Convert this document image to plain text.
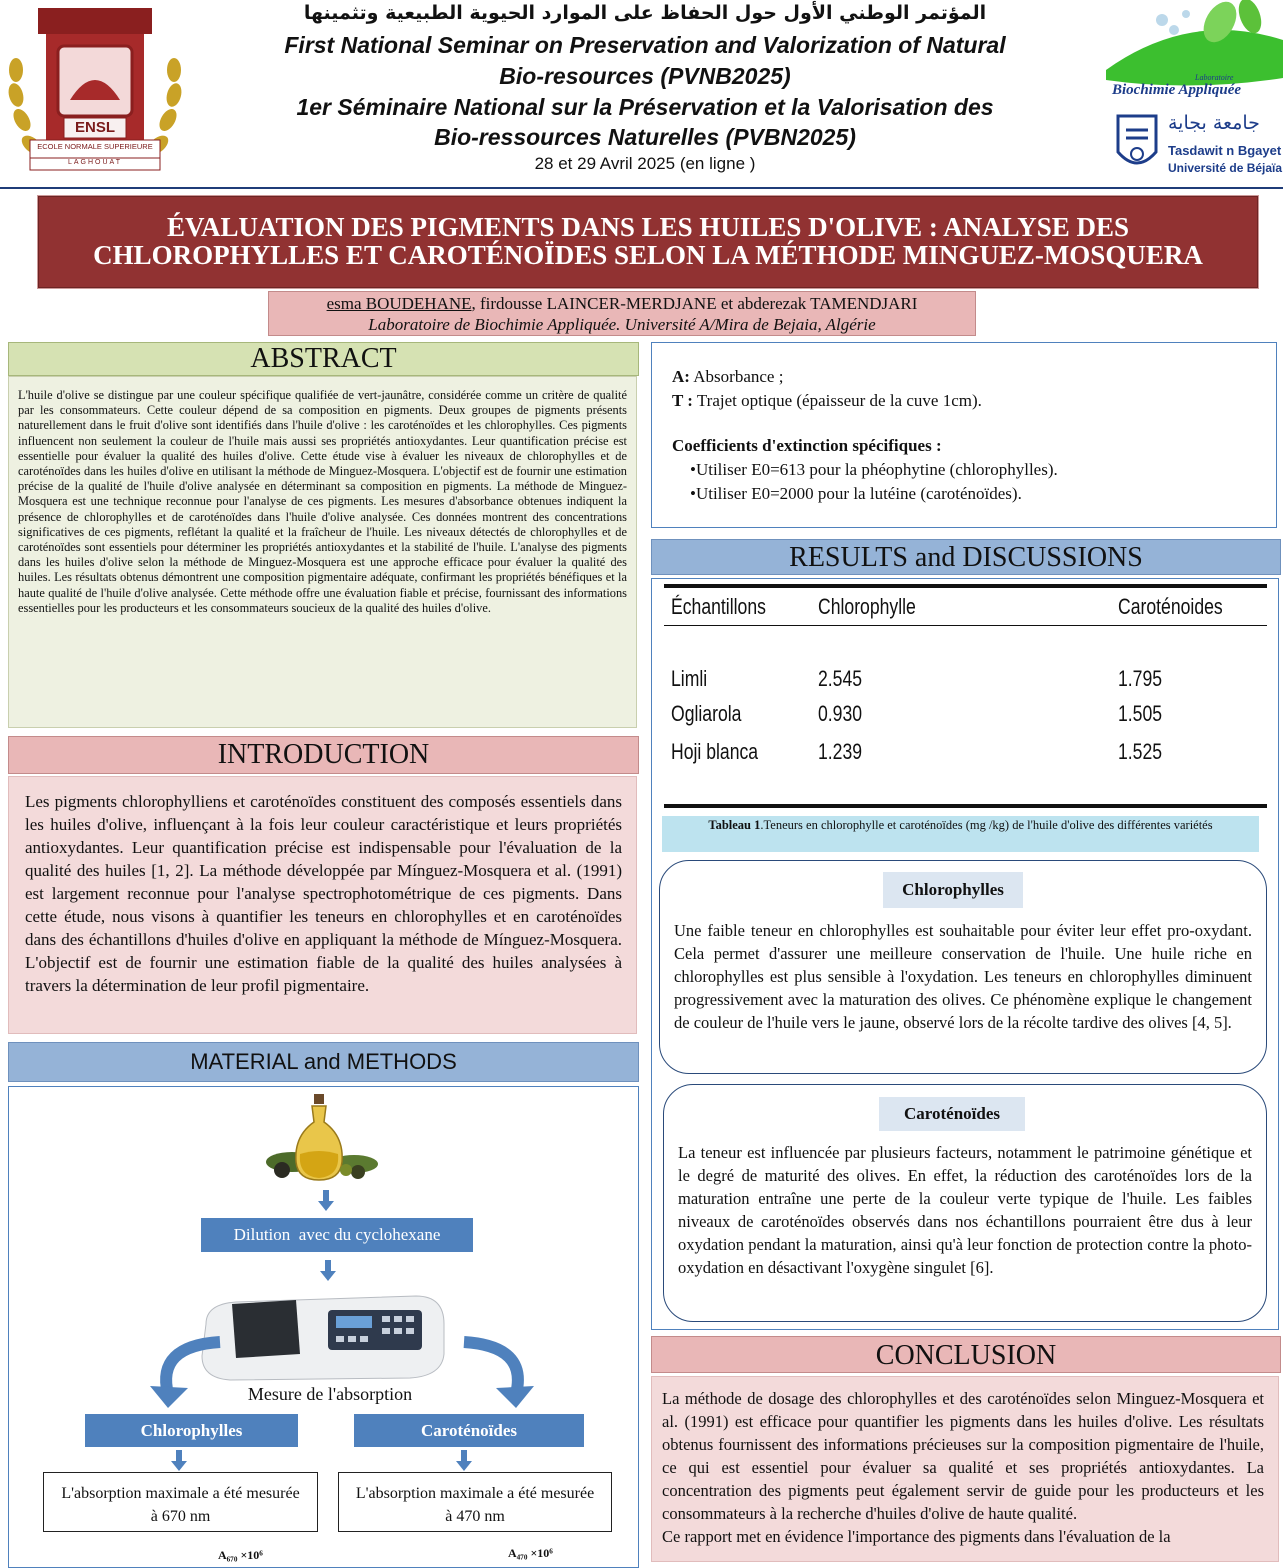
ENSL
ECOLE NORMALE SUPERIEURE
LAGHOUAT
المؤتمر الوطني الأول حول الحفاظ على الموارد الحيوية الطبيعية وتثمينها
First National Seminar on Preservation and Valorization of Natural
Bio-resources (PVNB2025)
1er Séminaire National sur la Préservation et la Valorisation des
Bio-ressources Naturelles (PVBN2025)
28 et 29 Avril 2025 (en ligne )
Laboratoire
Biochimie Appliquée
جامعة بجاية
Tasdawit n Bgayet
Université de Béjaïa
ÉVALUATION DES PIGMENTS DANS LES HUILES D'OLIVE : ANALYSE DES
CHLOROPHYLLES ET CAROTÉNOÏDES SELON LA MÉTHODE MINGUEZ-MOSQUERA
esma BOUDEHANE, firdousse LAINCER-MERDJANE et abderezak TAMENDJARI
Laboratoire de Biochimie Appliquée. Université A/Mira de Bejaia, Algérie
ABSTRACT
L'huile d'olive se distingue par une couleur spécifique qualifiée de vert-jaunâtre, considérée comme un critère de qualité par les consommateurs. Cette couleur dépend de sa composition en pigments. Deux groupes de pigments présents naturellement dans le fruit d'olive sont identifiés dans l'huile d'olive : les caroténoïdes et les chlorophylles. Ces pigments influencent non seulement la couleur de l'huile mais aussi ses propriétés antioxydantes. Leur quantification précise est essentielle pour évaluer la qualité des huiles d'olive. Cette étude vise à évaluer les niveaux de chlorophylles et de caroténoïdes dans les huiles d'olive en utilisant la méthode de Minguez-Mosquera. L'objectif est de fournir une estimation précise de la qualité de l'huile d'olive analysée en déterminant sa composition en pigments. La méthode de Minguez-Mosquera est une technique reconnue pour l'analyse de ces pigments. Les mesures d'absorbance obtenues indiquent la présence de chlorophylles et de caroténoïdes dans l'huile d'olive analysée. Ces données montrent des concentrations significatives de ces pigments, reflétant la qualité et la fraîcheur de l'huile. Les niveaux détectés de chlorophylles et de caroténoïdes sont essentiels pour déterminer les propriétés antioxydantes et la stabilité de l'huile. L'analyse des pigments dans les huiles d'olive selon la méthode de Minguez-Mosquera est une approche efficace pour évaluer la qualité des huiles. Les résultats obtenus démontrent une composition pigmentaire adéquate, confirmant les propriétés bénéfiques et la haute qualité de l'huile d'olive analysée. Cette méthode offre une évaluation fiable et précise, fournissant des informations essentielles pour les producteurs et les consommateurs soucieux de la qualité des huiles d'olive.
INTRODUCTION
Les pigments chlorophylliens et caroténoïdes constituent des composés essentiels dans les huiles d'olive, influençant à la fois leur couleur caractéristique et leurs propriétés antioxydantes. Leur quantification précise est indispensable pour l'évaluation de la qualité des huiles [1, 2]. La méthode développée par Mínguez-Mosquera et al. (1991) est largement reconnue pour l'analyse spectrophotométrique de ces pigments. Dans cette étude, nous visons à quantifier les teneurs en chlorophylles et en caroténoïdes dans des échantillons d'huiles d'olive en appliquant la méthode de Mínguez-Mosquera. L'objectif est de fournir une estimation fiable de la qualité des huiles analysées à travers la détermination de leur profil pigmentaire.
MATERIAL and METHODS
Dilution  avec du cyclohexane
Mesure de l'absorption
Chlorophylles	Caroténoïdes
L'absorption maximale a été mesurée à 670 nm
L'absorption maximale a été mesurée à 470 nm
A₆₇₀ ×10⁶	A₄₇₀ ×10⁶
A: Absorbance ;
T : Trajet optique (épaisseur de la cuve 1cm).
Coefficients d'extinction spécifiques :
•Utiliser E0=613 pour la phéophytine (chlorophylles).
•Utiliser E0=2000 pour la lutéine (caroténoïdes).
RESULTS and DISCUSSIONS
Échantillons Chlorophylle	Caroténoides
Limli	2.545	1.795
Ogliarola	0.930	1.505
Hoji blanca	1.239	1.525
Tableau 1.Teneurs en chlorophylle et caroténoïdes (mg /kg) de l'huile d'olive des différentes variétés
Une faible teneur en chlorophylles est souhaitable pour éviter leur effet pro-oxydant. Cela permet d'assurer une meilleure conservation de l'huile. Une huile riche en chlorophylles est plus sensible à l'oxydation. Les teneurs en chlorophylles diminuent progressivement avec la maturation des olives. Ce phénomène explique le changement de couleur de l'huile vers le jaune, observé lors de la récolte tardive des olives [4, 5].
Chlorophylles
La teneur est influencée par plusieurs facteurs, notamment le patrimoine génétique et le degré de maturité des olives. En effet, la réduction des caroténoïdes lors de la maturation entraîne une perte de la couleur verte typique de l'huile. Les faibles niveaux de caroténoïdes observés dans nos échantillons pourraient être dus à leur oxydation pendant la maturation, ainsi qu'à leur fonction de protection contre la photo-oxydation en désactivant l'oxygène singulet [6].
Caroténoïdes
CONCLUSION
La méthode de dosage des chlorophylles et des caroténoïdes selon Minguez-Mosquera et al. (1991) est efficace pour quantifier les pigments dans les huiles d'olive. Les résultats obtenus fournissent des informations précieuses sur la composition pigmentaire de l'huile, ce qui est essentiel pour évaluer sa qualité et ses propriétés antioxydantes. La concentration des pigments peut également servir de guide pour les producteurs et les consommateurs à la recherche d'huiles d'olive de haute qualité.
Ce rapport met en évidence l'importance des pigments dans l'évaluation de la
